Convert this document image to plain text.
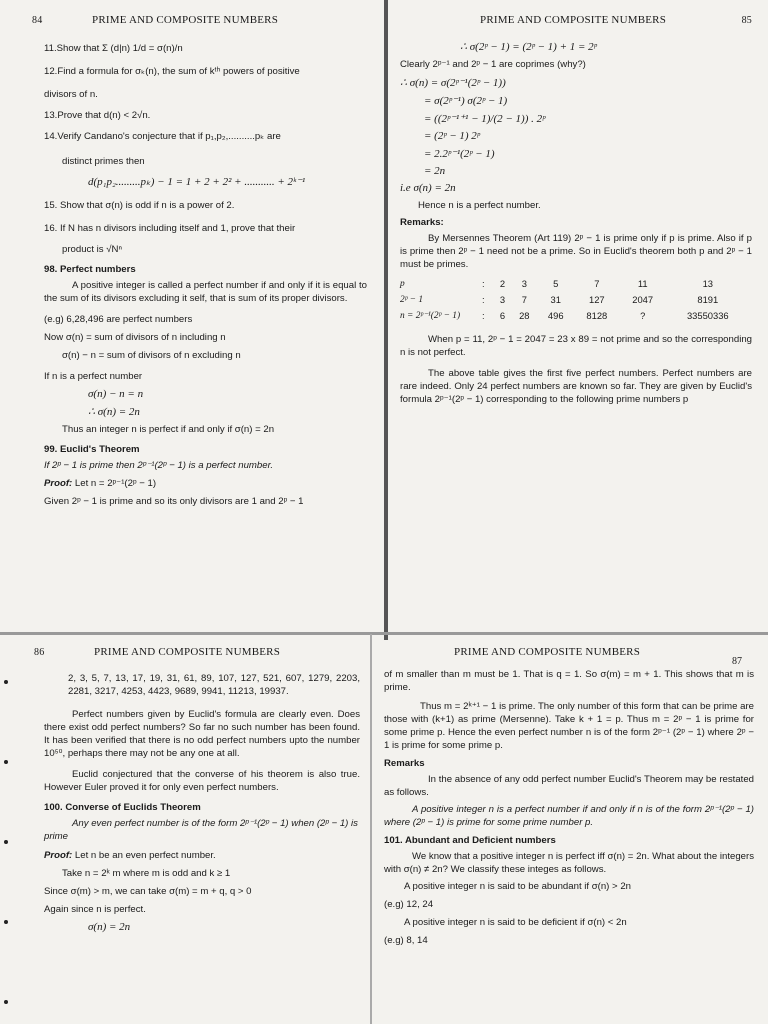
84	PRIME AND COMPOSITE NUMBERS
11.Show that Σ (d|n) 1/d = σ(n)/n
12.Find a formula for σₖ(n), the sum of kᵗʰ powers of positive
divisors of n.
13.Prove that d(n) < 2√n.
14.Verify Candano's conjecture that if p₁,p₂,..........pₖ are
distinct primes then
d(p₁p₂.........pₖ) − 1 = 1 + 2 + 2² + ........... + 2ᵏ⁻¹
15. Show that σ(n) is odd if n is a power of 2.
16. If N has n divisors including itself and 1, prove that their
product is √Nⁿ
98. Perfect numbers
A positive integer is called a perfect number if and only if it is equal to the sum of its divisors excluding it self, that is sum of its proper divisors.
(e.g) 6,28,496 are perfect numbers
Now σ(n) = sum of divisors of n including n
σ(n) − n = sum of divisors of n excluding n
If n is a perfect number
σ(n) − n = n
∴ σ(n) = 2n
Thus an integer n is perfect if and only if σ(n) = 2n
99. Euclid's Theorem
If 2ᵖ − 1 is prime then 2ᵖ⁻¹(2ᵖ − 1) is a perfect number.
Proof: Let n = 2ᵖ⁻¹(2ᵖ − 1)
Given 2ᵖ − 1 is prime and so its only divisors are 1 and 2ᵖ − 1
PRIME AND COMPOSITE NUMBERS	85
∴ σ(2ᵖ − 1) = (2ᵖ − 1) + 1 = 2ᵖ
Clearly 2ᵖ⁻¹ and 2ᵖ − 1 are coprimes (why?)
∴ σ(n) = σ(2ᵖ⁻¹(2ᵖ − 1))
= σ(2ᵖ⁻¹) σ(2ᵖ − 1)
= ((2ᵖ⁻¹⁺¹ − 1)/(2 − 1)) . 2ᵖ
= (2ᵖ − 1) 2ᵖ
= 2.2ᵖ⁻¹(2ᵖ − 1)
= 2n
i.e σ(n) = 2n
Hence n is a perfect number.
Remarks:
By Mersennes Theorem (Art 119) 2ᵖ − 1 is prime only if p is prime. Also if p is prime then 2ᵖ − 1 need not be a prime. So in Euclid's theorem both p and 2ᵖ − 1 must be primes.
p	:	2	3	5	7	11	13
2ᵖ − 1	:	3	7	31	127	2047	8191
n = 2ᵖ⁻¹(2ᵖ − 1)	:	6	28	496	8128	?	33550336
When p = 11, 2ᵖ − 1 = 2047 = 23 x 89 = not prime and so the corresponding n is not perfect.
The above table gives the first five perfect numbers. Perfect numbers are rare indeed. Only 24 perfect numbers are known so far. They are given by Euclid's formula 2ᵖ⁻¹(2ᵖ − 1) corresponding to the following prime numbers p
86	PRIME AND COMPOSITE NUMBERS
2, 3, 5, 7, 13, 17, 19, 31, 61, 89, 107, 127, 521, 607, 1279, 2203, 2281, 3217, 4253, 4423, 9689, 9941, 11213, 19937.
Perfect numbers given by Euclid's formula are clearly even. Does there exist odd perfect numbers? So far no such number has been found. It has been verified that there is no odd perfect numbers upto the number 10⁵⁰, perhaps there may not be any one at all.
Euclid conjectured that the converse of his theorem is also true. However Euler proved it for only even perfect numbers.
100. Converse of Euclids Theorem
Any even perfect number is of the form 2ᵖ⁻¹(2ᵖ − 1) when (2ᵖ − 1) is prime
Proof: Let n be an even perfect number.
Take n = 2ᵏ m where m is odd and k ≥ 1
Since σ(m) > m, we can take σ(m) = m + q, q > 0
Again since n is perfect.
σ(n) = 2n
PRIME AND COMPOSITE NUMBERS
87
of m smaller than m must be 1. That is q = 1. So σ(m) = m + 1. This shows that m is prime.
Thus m = 2ᵏ⁺¹ − 1 is prime. The only number of this form that can be prime are those with (k+1) as prime (Mersenne). Take k + 1 = p. Thus m = 2ᵖ − 1 is prime for some prime p. Hence the even perfect number n is of the form 2ᵖ⁻¹ (2ᵖ − 1) where 2ᵖ − 1 is prime for some prime p.
Remarks
In the absence of any odd perfect number Euclid's Theorem may be restated as follows.
A positive integer n is a perfect number if and only if n is of the form 2ᵖ⁻¹(2ᵖ − 1) where (2ᵖ − 1) is prime for some prime number p.
101. Abundant and Deficient numbers
We know that a positive integer n is perfect iff σ(n) = 2n. What about the integers with σ(n) ≠ 2n? We classify these integes as follows.
A positive integer n is said to be abundant if σ(n) > 2n
(e.g) 12, 24
A positive integer n is said to be deficient if σ(n) < 2n
(e.g) 8, 14
